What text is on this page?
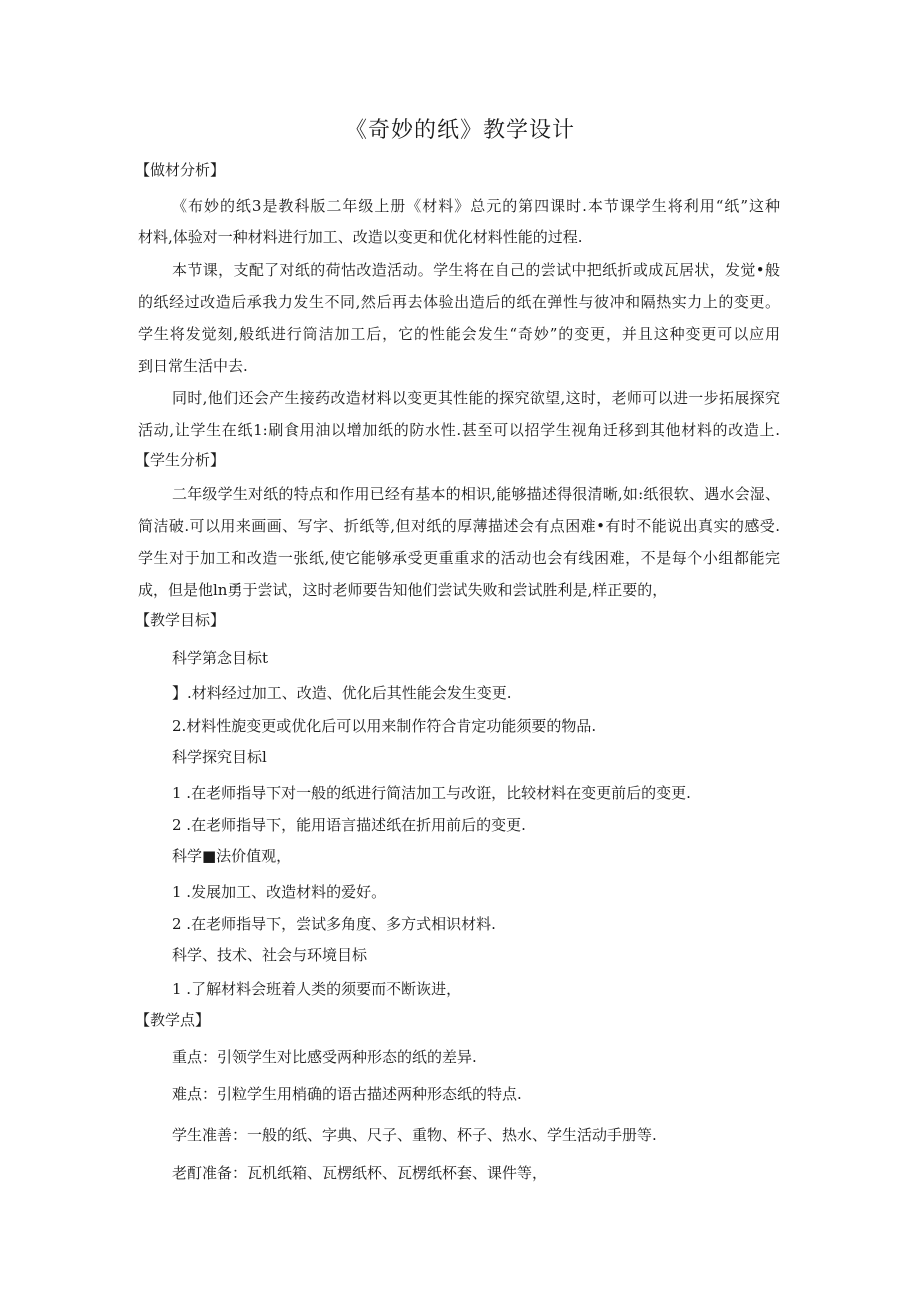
《奇妙的纸》教学设计
【做材分析】
《布妙的纸3是教科版二年级上册《材料》总元的第四课时.本节课学生将利用“纸”这种
材料,体验对一种材料进行加工、改造以变更和优化材料性能的过程.
本节课，支配了对纸的荷怙改造活动。学生将在自己的尝试中把纸折或成瓦居状，发觉•般
的纸经过改造后承我力发生不同,然后再去体验出造后的纸在弹性与彼冲和隔热实力上的变更。
学生将发觉刻,般纸进行筒洁加工后，它的性能会发生“奇妙”的变更，并且这种变更可以应用
到日常生活中去.
同时,他们还会产生接药改造材料以变更其性能的探究欲望,这时，老师可以进一步拓展探究
活动,让学生在纸1:刷食用油以增加纸的防水性.甚至可以招学生视角迁移到其他材料的改造上.
【学生分析】
二年级学生对纸的特点和作用已经有基本的相识,能够描述得很清晰,如:纸很软、遇水会湿、
简洁破.可以用来画画、写字、折纸等,但对纸的厚薄描述会有点困难•有时不能说出真实的感受.
学生对于加工和改造一张纸,使它能够承受更重重求的活动也会有线困难，不是每个小组都能完
成，但是他ln勇于尝试，这时老师要告知他们尝试失败和尝试胜利是,样正要的，
【教学目标】
科学第念目标t
】.材料经过加工、改造、优化后其性能会发生变更.
2.材料性旎变更或优化后可以用来制作符合肯定功能须要的物品.
科学探究目标l
1 .在老师指导下对一般的纸进行简洁加工与改诳，比较材料在变更前后的变更.
2 .在老师指导下，能用语言描述纸在折用前后的变更.
科学■法价值观，
1 .发展加工、改造材料的爱好。
2 .在老师指导下，尝试多角度、多方式相识材料.
科学、技术、社会与环境目标
1 .了解材料会班着人类的须要而不断诙进，
【教学点】
重点：引领学生对比感受两种形态的纸的差异.
难点：引粒学生用梢确的语古描述两种形态纸的特点.
学生准善：一般的纸、字典、尺子、重物、杯子、热水、学生活动手册等.
老酊准备：瓦机纸箱、瓦楞纸杯、瓦楞纸杯套、课件等，
